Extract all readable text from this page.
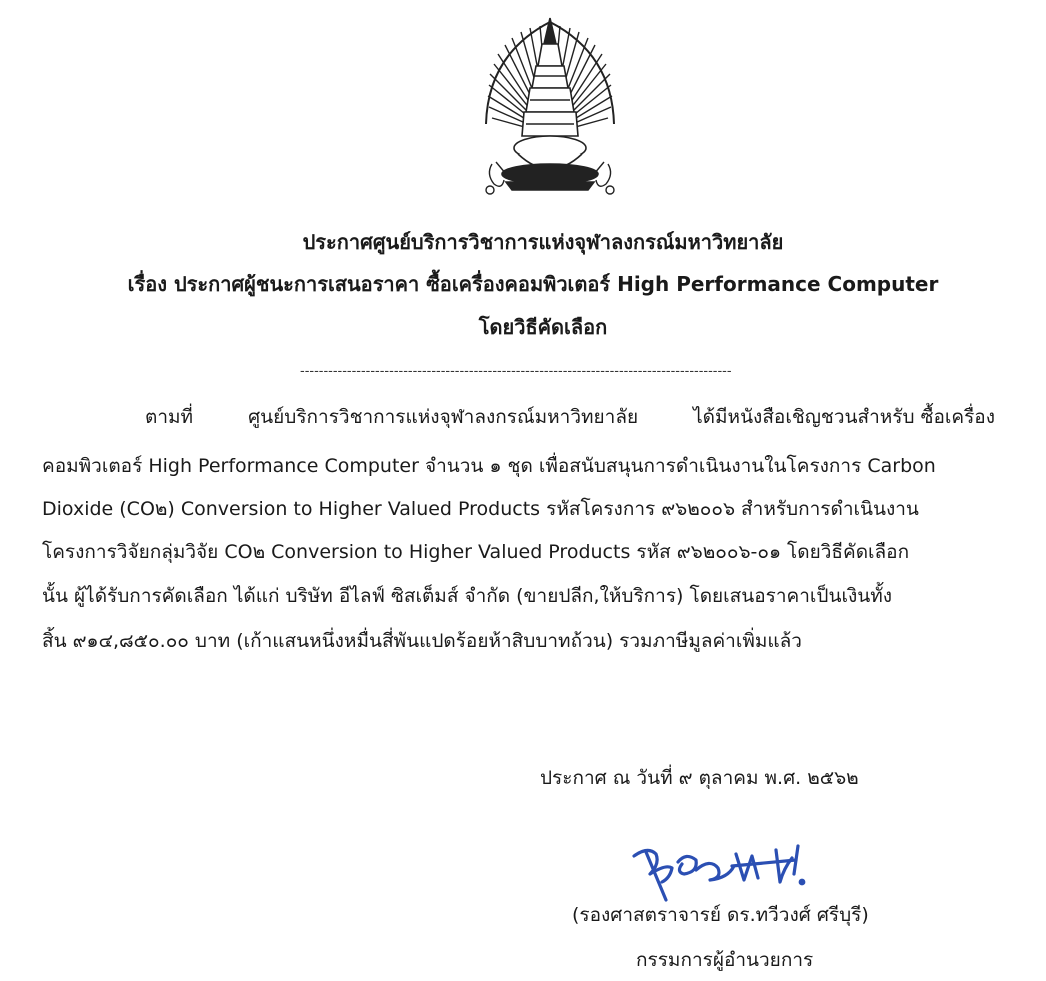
ประกาศศูนย์บริการวิชาการแห่งจุฬาลงกรณ์มหาวิทยาลัย
เรื่อง ประกาศผู้ชนะการเสนอราคา ซื้อเครื่องคอมพิวเตอร์ High Performance Computer
โดยวิธีคัดเลือก
--------------------------------------------------------------------------------------------
ตามที่	ศูนย์บริการวิชาการแห่งจุฬาลงกรณ์มหาวิทยาลัย	ได้มีหนังสือเชิญชวนสำหรับ ซื้อเครื่อง
คอมพิวเตอร์ High Performance Computer จำนวน ๑ ชุด เพื่อสนับสนุนการดำเนินงานในโครงการ Carbon
Dioxide (CO๒) Conversion to Higher Valued Products รหัสโครงการ ๙๖๒๐๐๖ สำหรับการดำเนินงาน
โครงการวิจัยกลุ่มวิจัย CO๒ Conversion to Higher Valued Products รหัส ๙๖๒๐๐๖-๐๑ โดยวิธีคัดเลือก
นั้น ผู้ได้รับการคัดเลือก ได้แก่ บริษัท อีไลฟ์ ซิสเต็มส์ จำกัด (ขายปลีก,ให้บริการ) โดยเสนอราคาเป็นเงินทั้ง
สิ้น ๙๑๔,๘๕๐.๐๐ บาท (เก้าแสนหนึ่งหมื่นสี่พันแปดร้อยห้าสิบบาทถ้วน) รวมภาษีมูลค่าเพิ่มแล้ว
ประกาศ ณ วันที่ ๙ ตุลาคม พ.ศ. ๒๕๖๒
(รองศาสตราจารย์ ดร.ทวีวงศ์ ศรีบุรี)
กรรมการผู้อำนวยการ
